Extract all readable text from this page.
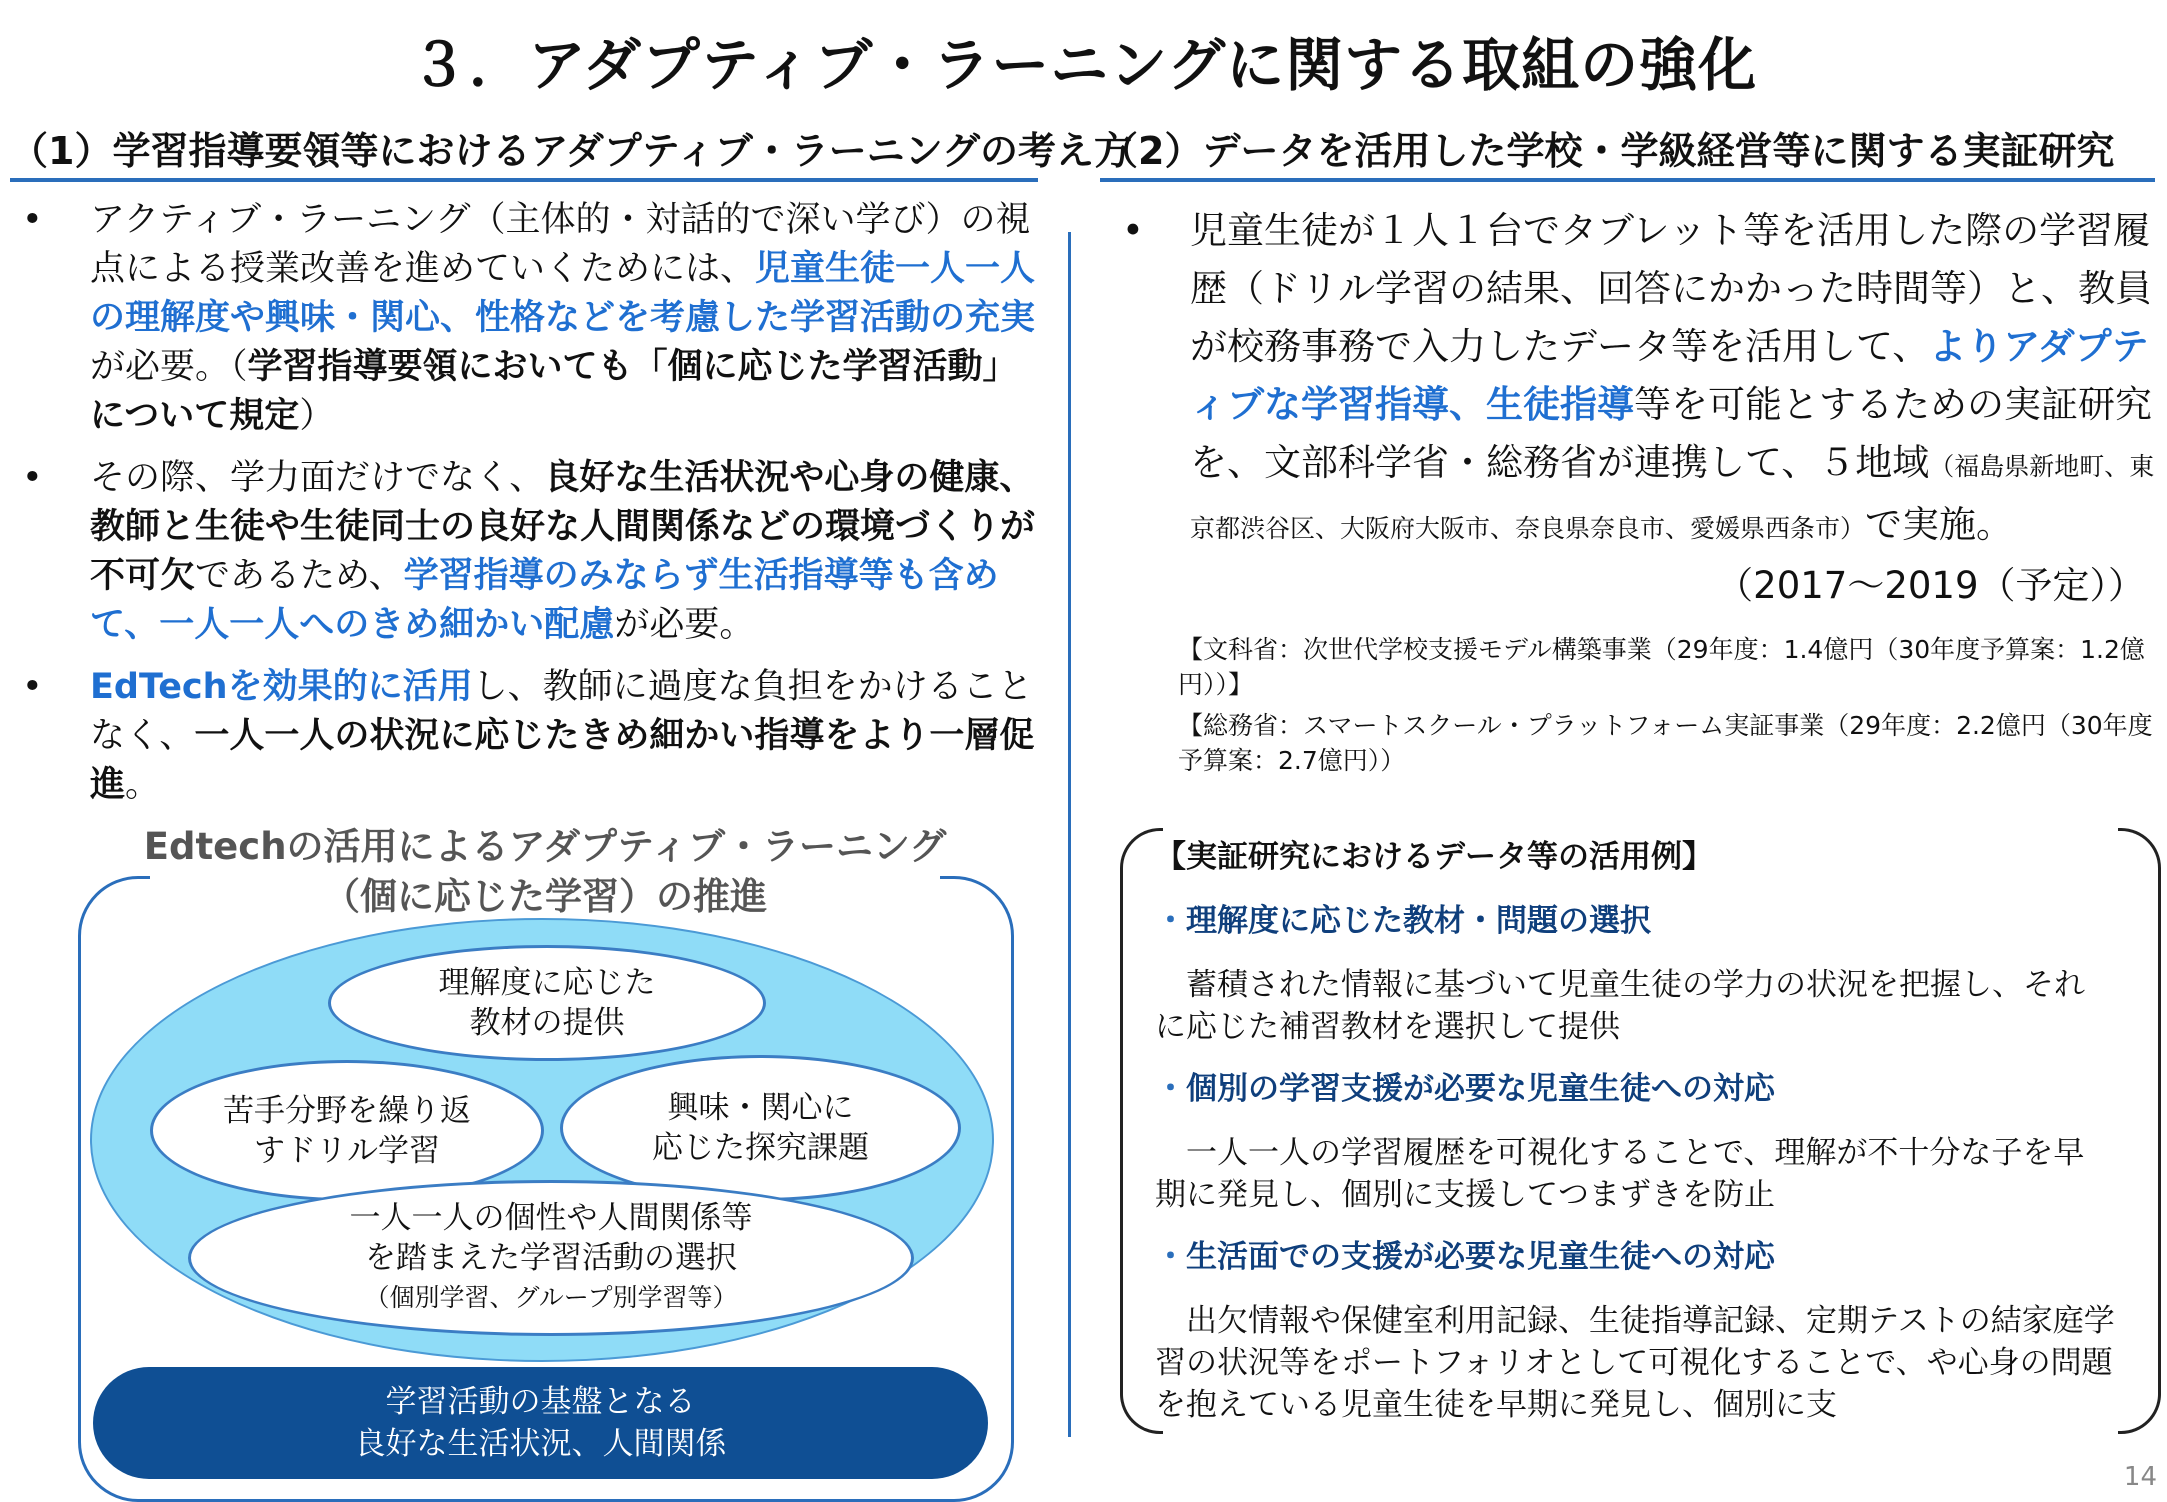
３．アダプティブ・ラーニングに関する取組の強化
（1）学習指導要領等におけるアダプティブ・ラーニングの考え方
• アクティブ・ラーニング（主体的・対話的で深い学び）の視点による授業改善を進めていくためには、児童生徒一人一人の理解度や興味・関心、性格などを考慮した学習活動の充実が必要。（学習指導要領においても「個に応じた学習活動」について規定）
• その際、学力面だけでなく、良好な生活状況や心身の健康、教師と生徒や生徒同士の良好な人間関係などの環境づくりが不可欠であるため、学習指導のみならず生活指導等も含めて、一人一人へのきめ細かい配慮が必要。
• EdTechを効果的に活用し、教師に過度な負担をかけることなく、一人一人の状況に応じたきめ細かい指導をより一層促進。
Edtechの活用によるアダプティブ・ラーニング
（個に応じた学習）の推進
理解度に応じた
教材の提供
苦手分野を繰り返
すドリル学習
興味・関心に
応じた探究課題
一人一人の個性や人間関係等
を踏まえた学習活動の選択
（個別学習、グループ別学習等）
学習活動の基盤となる
良好な生活状況、人間関係
（2）データを活用した学校・学級経営等に関する実証研究
• 児童生徒が１人１台でタブレット等を活用した際の学習履歴（ドリル学習の結果、回答にかかった時間等）と、教員が校務事務で入力したデータ等を活用して、よりアダプティブな学習指導、生徒指導等を可能とするための実証研究を、文部科学省・総務省が連携して、５地域（福島県新地町、東京都渋谷区、大阪府大阪市、奈良県奈良市、愛媛県西条市）で実施。
（2017～2019（予定））
【文科省：次世代学校支援モデル構築事業（29年度：1.4億円（30年度予算案：1.2億円））】
【総務省：スマートスクール・プラットフォーム実証事業（29年度：2.2億円（30年度予算案：2.7億円））
【実証研究におけるデータ等の活用例】
・理解度に応じた教材・問題の選択
　蓄積された情報に基づいて児童生徒の学力の状況を把握し、それに応じた補習教材を選択して提供
・個別の学習支援が必要な児童生徒への対応
　一人一人の学習履歴を可視化することで、理解が不十分な子を早期に発見し、個別に支援してつまずきを防止
・生活面での支援が必要な児童生徒への対応
　出欠情報や保健室利用記録、生徒指導記録、定期テストの結家庭学習の状況等をポートフォリオとして可視化することで、や心身の問題を抱えている児童生徒を早期に発見し、個別に支
14
